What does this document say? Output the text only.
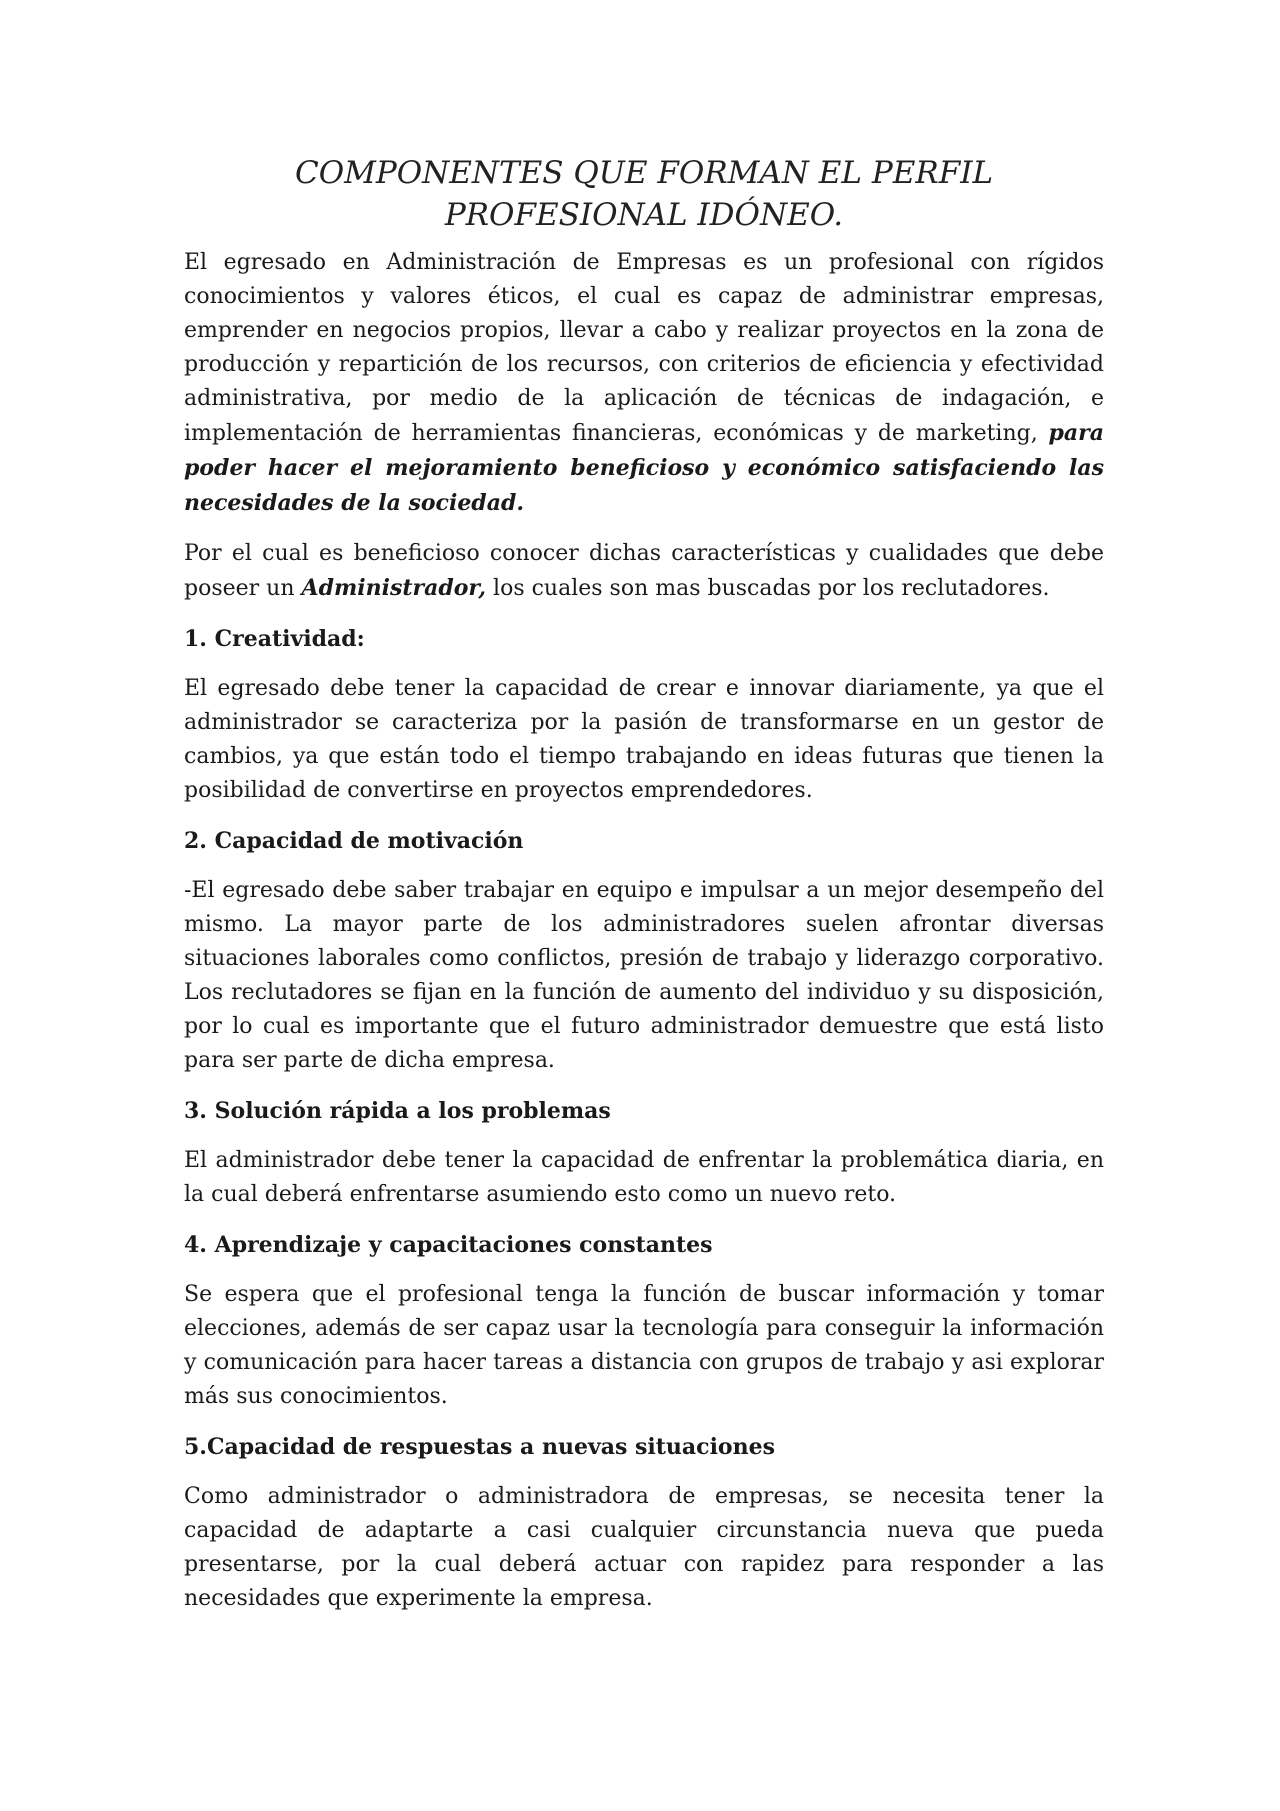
COMPONENTES QUE FORMAN EL PERFIL
PROFESIONAL IDÓNEO.

El egresado en Administración de Empresas es un profesional con rígidos conocimientos y valores éticos, el cual es capaz de administrar empresas, emprender en negocios propios, llevar a cabo y realizar proyectos en la zona de producción y repartición de los recursos, con criterios de eficiencia y efectividad administrativa, por medio de la aplicación de técnicas de indagación, e implementación de herramientas financieras, económicas y de marketing, para poder hacer el mejoramiento beneficioso y económico satisfaciendo las necesidades de la sociedad.

Por el cual es beneficioso conocer dichas características y cualidades que debe poseer un Administrador, los cuales son mas buscadas por los reclutadores.

1. Creatividad:

El egresado debe tener la capacidad de crear e innovar diariamente, ya que el administrador se caracteriza por la pasión de transformarse en un gestor de cambios, ya que están todo el tiempo trabajando en ideas futuras que tienen la posibilidad de convertirse en proyectos emprendedores.

2. Capacidad de motivación

-El egresado debe saber trabajar en equipo e impulsar a un mejor desempeño del mismo. La mayor parte de los administradores suelen afrontar diversas situaciones laborales como conflictos, presión de trabajo y liderazgo corporativo. Los reclutadores se fijan en la función de aumento del individuo y su disposición, por lo cual es importante que el futuro administrador demuestre que está listo para ser parte de dicha empresa.

3. Solución rápida a los problemas

El administrador debe tener la capacidad de enfrentar la problemática diaria, en la cual deberá enfrentarse asumiendo esto como un nuevo reto.

4. Aprendizaje y capacitaciones constantes

Se espera que el profesional tenga la función de buscar información y tomar elecciones, además de ser capaz usar la tecnología para conseguir la información y comunicación para hacer tareas a distancia con grupos de trabajo y asi explorar más sus conocimientos.

5.Capacidad de respuestas a nuevas situaciones

Como administrador o administradora de empresas, se necesita tener la capacidad de adaptarte a casi cualquier circunstancia nueva que pueda presentarse, por la cual deberá actuar con rapidez para responder a las necesidades que experimente la empresa.
